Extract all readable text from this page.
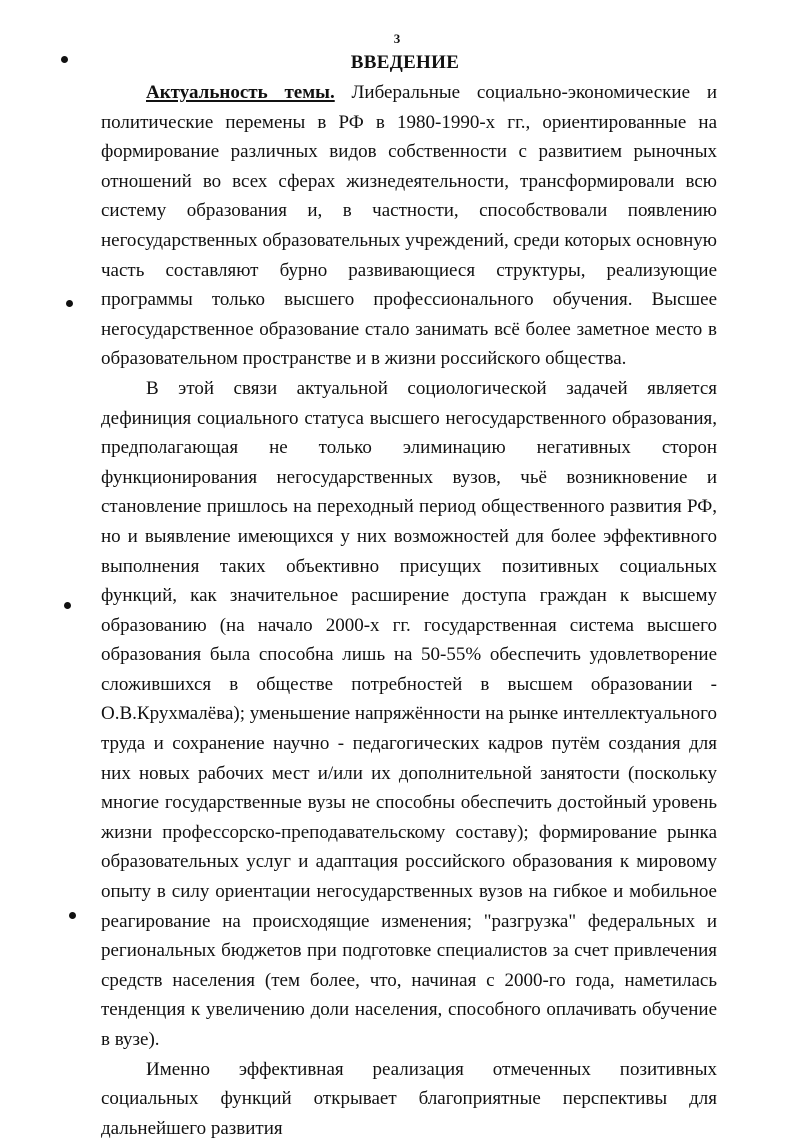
3
ВВЕДЕНИЕ

Актуальность темы. Либеральные социально-экономические и политические перемены в РФ в 1980-1990-х гг., ориентированные на формирование различных видов собственности с развитием рыночных отношений во всех сферах жизнедеятельности, трансформировали всю систему образования и, в частности, способствовали появлению негосударственных образовательных учреждений, среди которых основную часть составляют бурно развивающиеся структуры, реализующие программы только высшего профессионального обучения. Высшее негосударственное образование стало занимать всё более заметное место в образовательном пространстве и в жизни российского общества.

В этой связи актуальной социологической задачей является дефиниция социального статуса высшего негосударственного образования, предполагающая не только элиминацию негативных сторон функционирования негосударственных вузов, чьё возникновение и становление пришлось на переходный период общественного развития РФ, но и выявление имеющихся у них возможностей для более эффективного выполнения таких объективно присущих позитивных социальных функций, как значительное расширение доступа граждан к высшему образованию (на начало 2000-х гг. государственная система высшего образования была способна лишь на 50-55% обеспечить удовлетворение сложившихся в обществе потребностей в высшем образовании - О.В.Крухмалёва); уменьшение напряжённости на рынке интеллектуального труда и сохранение научно - педагогических кадров путём создания для них новых рабочих мест и/или их дополнительной занятости (поскольку многие государственные вузы не способны обеспечить достойный уровень жизни профессорско-преподавательскому составу); формирование рынка образовательных услуг и адаптация российского образования к мировому опыту в силу ориентации негосударственных вузов на гибкое и мобильное реагирование на происходящие изменения; "разгрузка" федеральных и региональных бюджетов при подготовке специалистов за счет привлечения средств населения (тем более, что, начиная с 2000-го года, наметилась тенденция к увеличению доли населения, способного оплачивать обучение в вузе).

Именно эффективная реализация отмеченных позитивных социальных функций открывает благоприятные перспективы для дальнейшего развития
